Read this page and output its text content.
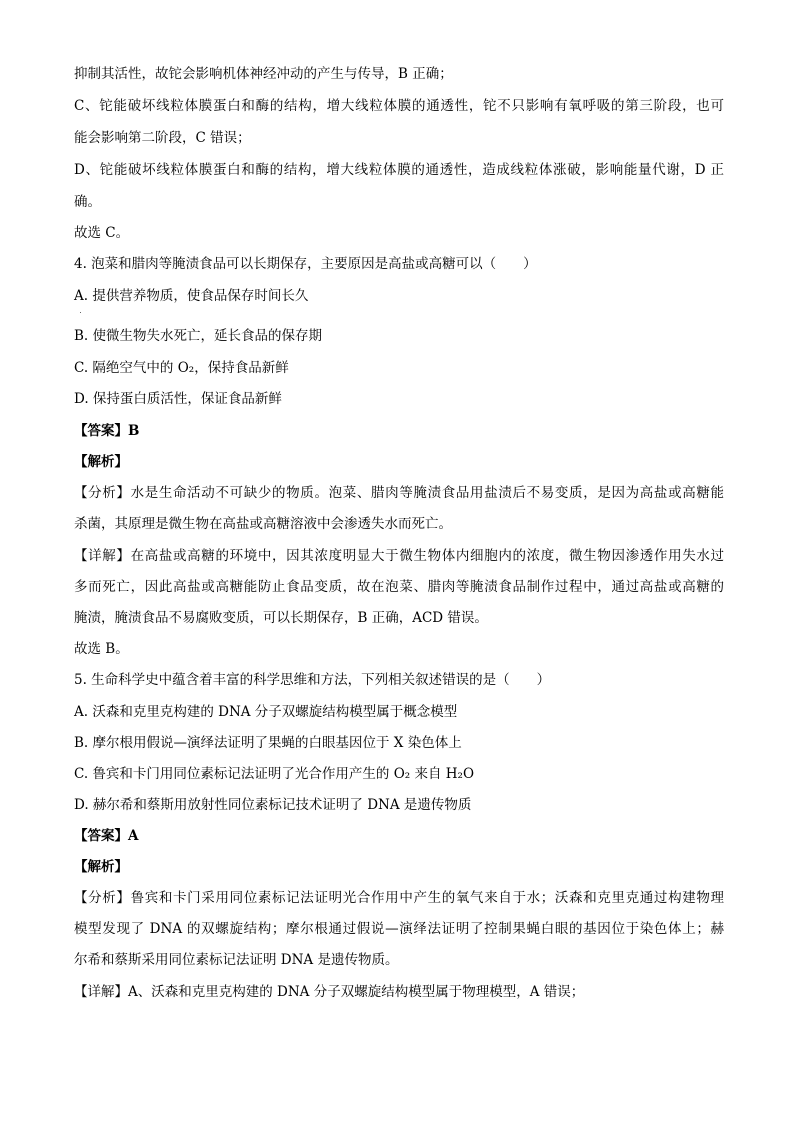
抑制其活性，故铊会影响机体神经冲动的产生与传导，B 正确；
C、铊能破坏线粒体膜蛋白和酶的结构，增大线粒体膜的通透性，铊不只影响有氧呼吸的第三阶段，也可
能会影响第二阶段，C 错误；
D、铊能破坏线粒体膜蛋白和酶的结构，增大线粒体膜的通透性，造成线粒体涨破，影响能量代谢，D 正
确。
故选 C。
4. 泡菜和腊肉等腌渍食品可以长期保存，主要原因是高盐或高糖可以（　　）
A. 提供营养物质，使食品保存时间长久
B. 使微生物失水死亡，延长食品的保存期
C. 隔绝空气中的 O₂，保持食品新鲜
D. 保持蛋白质活性，保证食品新鲜
【答案】B
【解析】
【分析】水是生命活动不可缺少的物质。泡菜、腊肉等腌渍食品用盐渍后不易变质，是因为高盐或高糖能
杀菌，其原理是微生物在高盐或高糖溶液中会渗透失水而死亡。
【详解】在高盐或高糖的环境中，因其浓度明显大于微生物体内细胞内的浓度，微生物因渗透作用失水过
多而死亡，因此高盐或高糖能防止食品变质，故在泡菜、腊肉等腌渍食品制作过程中，通过高盐或高糖的
腌渍，腌渍食品不易腐败变质，可以长期保存，B 正确，ACD 错误。
故选 B。
5. 生命科学史中蕴含着丰富的科学思维和方法，下列相关叙述错误的是（　　）
A. 沃森和克里克构建的 DNA 分子双螺旋结构模型属于概念模型
B. 摩尔根用假说—演绎法证明了果蝇的白眼基因位于 X 染色体上
C. 鲁宾和卡门用同位素标记法证明了光合作用产生的 O₂ 来自 H₂O
D. 赫尔希和蔡斯用放射性同位素标记技术证明了 DNA 是遗传物质
【答案】A
【解析】
【分析】鲁宾和卡门采用同位素标记法证明光合作用中产生的氧气来自于水；沃森和克里克通过构建物理
模型发现了 DNA 的双螺旋结构；摩尔根通过假说—演绎法证明了控制果蝇白眼的基因位于染色体上；赫
尔希和蔡斯采用同位素标记法证明 DNA 是遗传物质。
【详解】A、沃森和克里克构建的 DNA 分子双螺旋结构模型属于物理模型，A 错误；
